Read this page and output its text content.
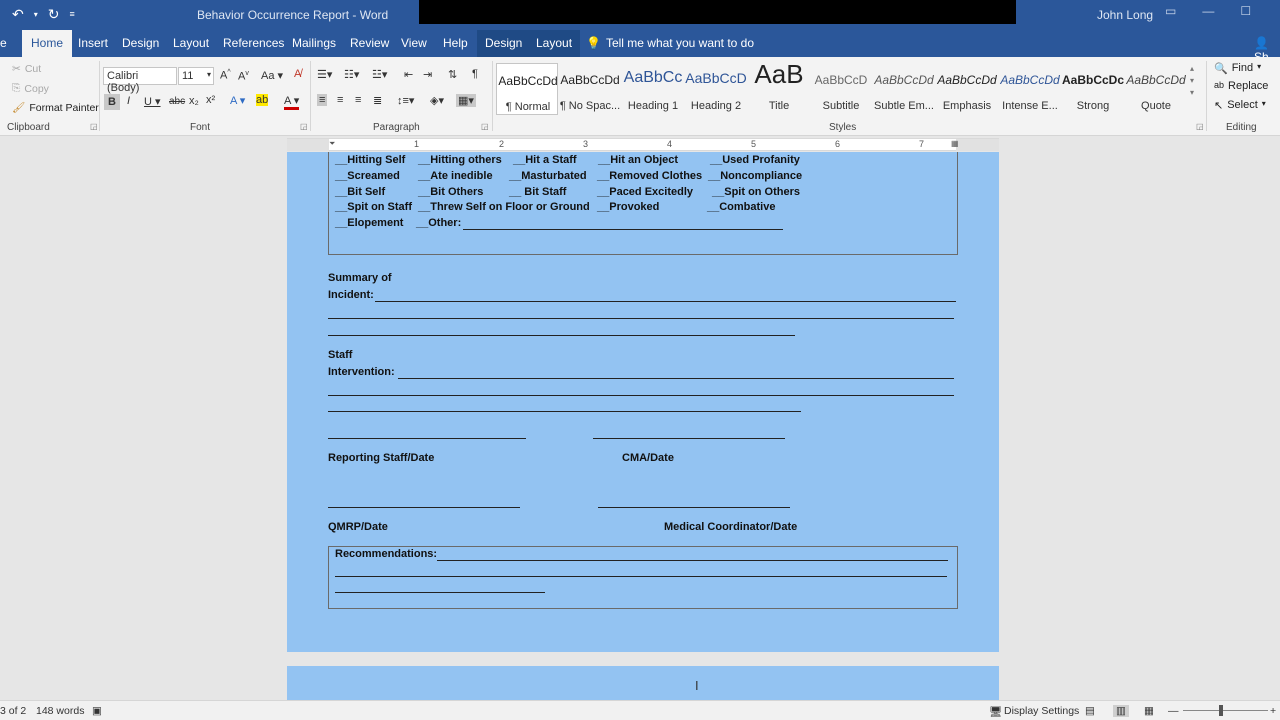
↶ ▾ ↻ ≡	Behavior Occurrence Report - Word	John Long ▭ — ☐
e	Home	Insert Design Layout References Mailings Review View Help	Design	Layout	💡 Tell me what you want to do	👤
✂ Cut
⎘ Copy
🖌 Format Painter
Clipboard	◲
Calibri (Body)
11 ▾ A^ $A^v$ Aa ▾ A̸
B	I U ▾ abc x₂ x² A ▾ ab A ▾
Font	◲
☰▾ ☷▾ ☳▾ ⇤ ⇥ ⇅ ¶
≡ ≡ ≡ ≣ ↕≡▾ ◈▾ ▦▾
Paragraph	◲
AaBbCcDd
¶ Normal
AaBbCcDd
¶ No Spac...
AaBbCc
Heading 1
AaBbCcD
Heading 2
AaB
Title
AaBbCcD
Subtitle
AaBbCcDd
Subtle Em...
AaBbCcDd
Emphasis
AaBbCcDd
Intense E...
AaBbCcDc
Strong
AaBbCcDd
Quote
▴
▾
▾
Styles	◲
🔍 Find ▾
ab Replace
↖ Select ▾
Editing
1	2	3	4	5	6	7
⏷	▦
__Hitting Self __Hitting others __Hit a Staff __Hit an Object	__Used Profanity
__Screamed __Ate inedible __Masturbated __Removed Clothes __Noncompliance
__Bit Self	__Bit Others __ Bit Staff	__Paced Excitedly __Spit on Others
__Spit on Staff __Threw Self on Floor or Ground __Provoked	__Combative
__Elopement __Other:
Summary of
Incident:
Staff
Intervention:
Reporting Staff/Date	CMA/Date
QMRP/Date	Medical Coordinator/Date
Recommendations:
I
3 of 2 148 words ▣	🖥 Display Settings ▤ ▥ ▦ —	+
